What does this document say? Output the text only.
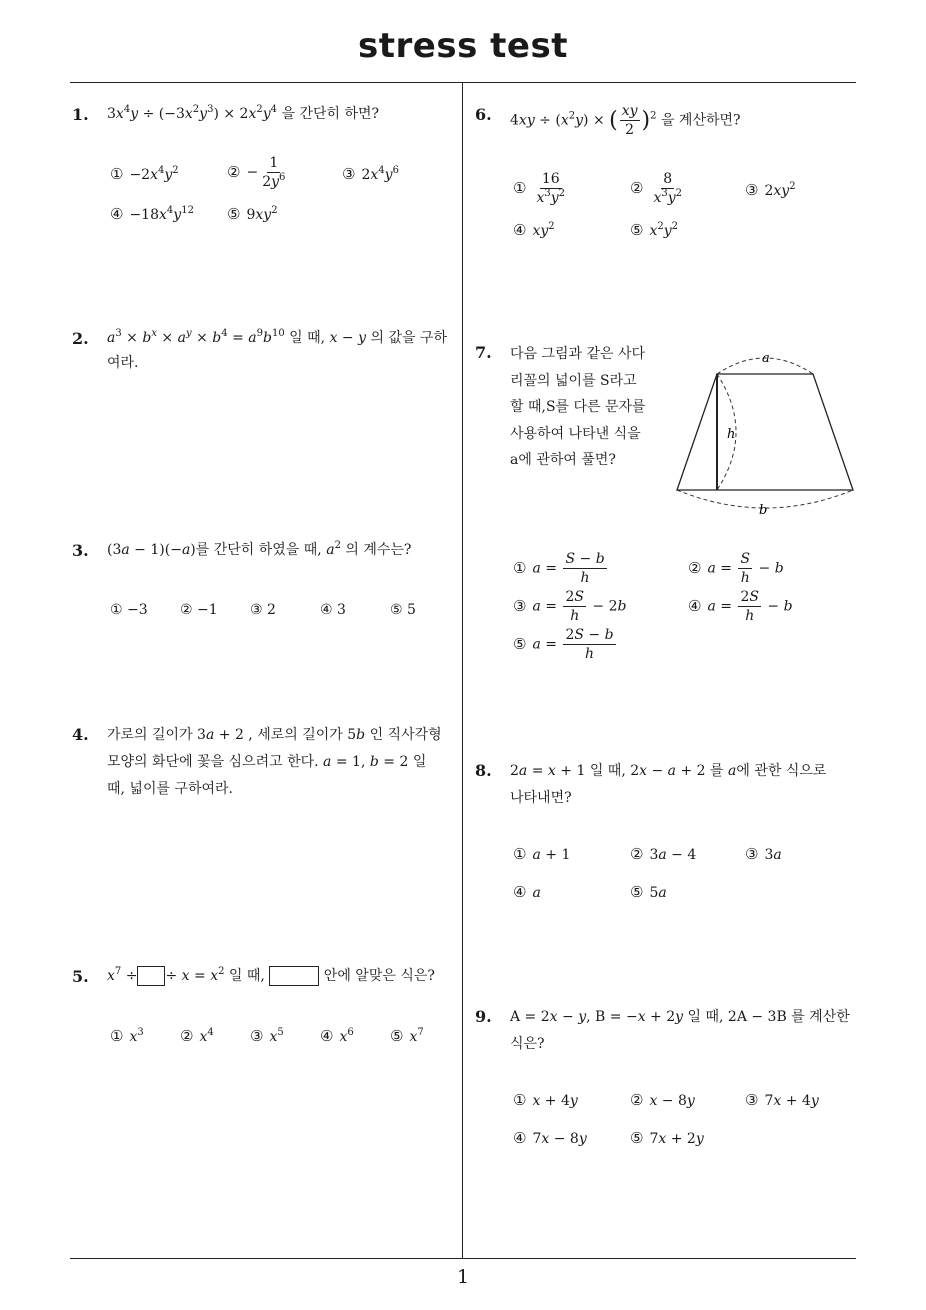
stress test
1
1. $3x^4y \div (-3x^2y^3) \times 2x^2y^4$ 을 간단히 하면?
① $-2x^4y^2$	② − $\frac{1}{2y^6}$	③ $2x^4y^6$
④ $-18x^4y^{12}$ ⑤ $9xy^2$
2. $a^3 \times b^x \times a^y \times b^4 = a^9b^{10}$ 일 때, x − y 의 값을 구하
여라.
3. (3a − 1)(−a)를 간단히 하였을 때, $a^2$ 의 계수는?
① −3 ② −1 ③ 2	④ 3	⑤ 5
4. 가로의 길이가 3a + 2 , 세로의 길이가 5b 인 직사각형
모양의 화단에 꽃을 심으려고 한다. a = 1, b = 2 일
때, 넓이를 구하여라.
5. $x^7$ ÷ ÷ $x = x^2$ 일 때,	안에 알맞은 식은?
① $x^3$ ② $x^4$ ③ $x^5$ ④ $x^6$ ⑤ $x^7$
6. $4xy \div (x^2y)$ × ( $\frac{xy}{2} )^2$ 을 계산하면?
① $\frac{16}{x^3y^2}$	② $\frac{8}{x^3y^2}$	③ $2xy^2$
④ $xy^2$	⑤ $x^2y^2$
7. 다음 그림과 같은 사다
리꼴의 넓이를 S라고
할 때,S를 다른 문자를
사용하여 나타낸 식을
a에 관하여 풀면?
a
h
b
① $a = \frac{S - b}{h}$	② $a = \frac{S}{h} - b$
③ $a = \frac{2S}{h} - 2b$	④ $a = \frac{2S}{h} - b$
⑤ $a = \frac{2S - b}{h}$
8. 2a = x + 1 일 때, 2x − a + 2 를 a에 관한 식으로
나타내면?
① a + 1	② 3a − 4	③ 3a
④ a	⑤ 5a
9. A = 2x − y, B = −x + 2y 일 때, 2A − 3B 를 계산한
식은?
① x + 4y	② x − 8y	③ 7x + 4y
④ 7x − 8y	⑤ 7x + 2y
